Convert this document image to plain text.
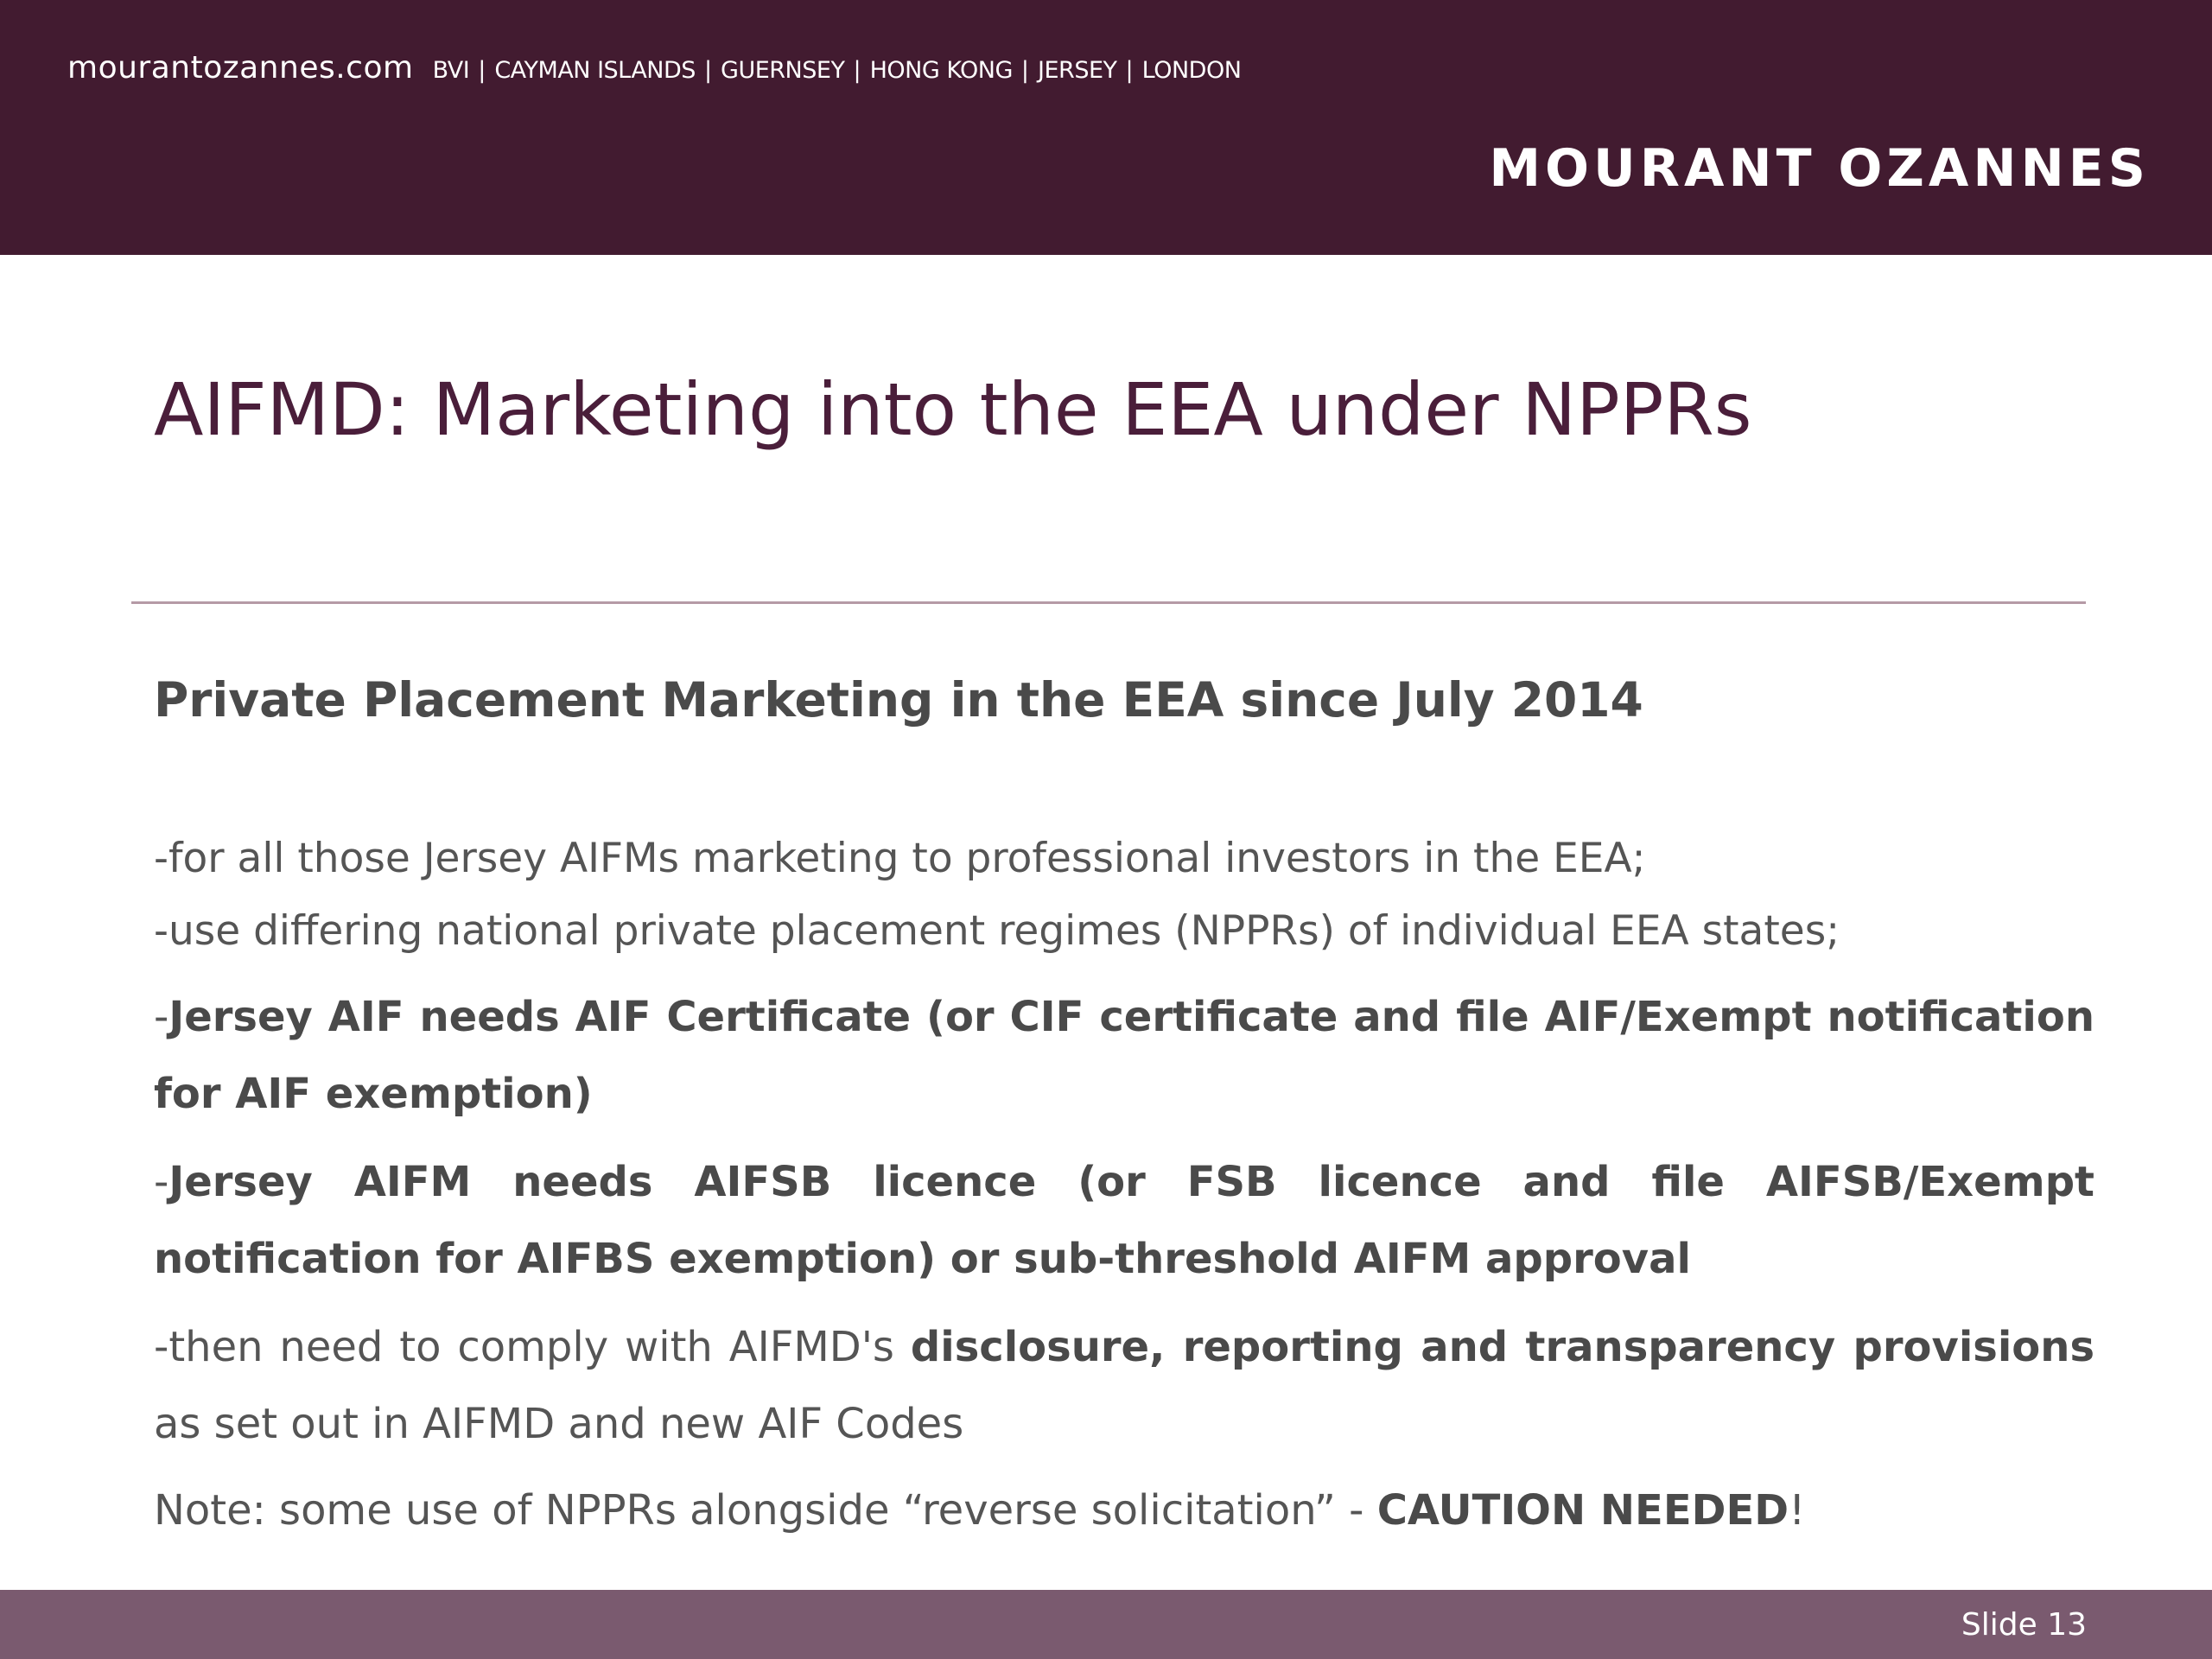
mourantozannes.com BVI | CAYMAN ISLANDS | GUERNSEY | HONG KONG | JERSEY | LONDON
MOURANT OZANNES
AIFMD: Marketing into the EEA under NPPRs
Private Placement Marketing in the EEA since July 2014
-for all those Jersey AIFMs marketing to professional investors in the EEA;
-use differing national private placement regimes (NPPRs) of individual EEA states;
-Jersey AIF needs AIF Certificate (or CIF certificate and file AIF/Exempt notification for AIF exemption)
-Jersey AIFM needs AIFSB licence (or FSB licence and file AIFSB/Exempt notification for AIFBS exemption) or sub-threshold AIFM approval
-then need to comply with AIFMD's disclosure, reporting and transparency provisions as set out in AIFMD and new AIF Codes
Note: some use of NPPRs alongside “reverse solicitation” - CAUTION NEEDED!
Slide 13
